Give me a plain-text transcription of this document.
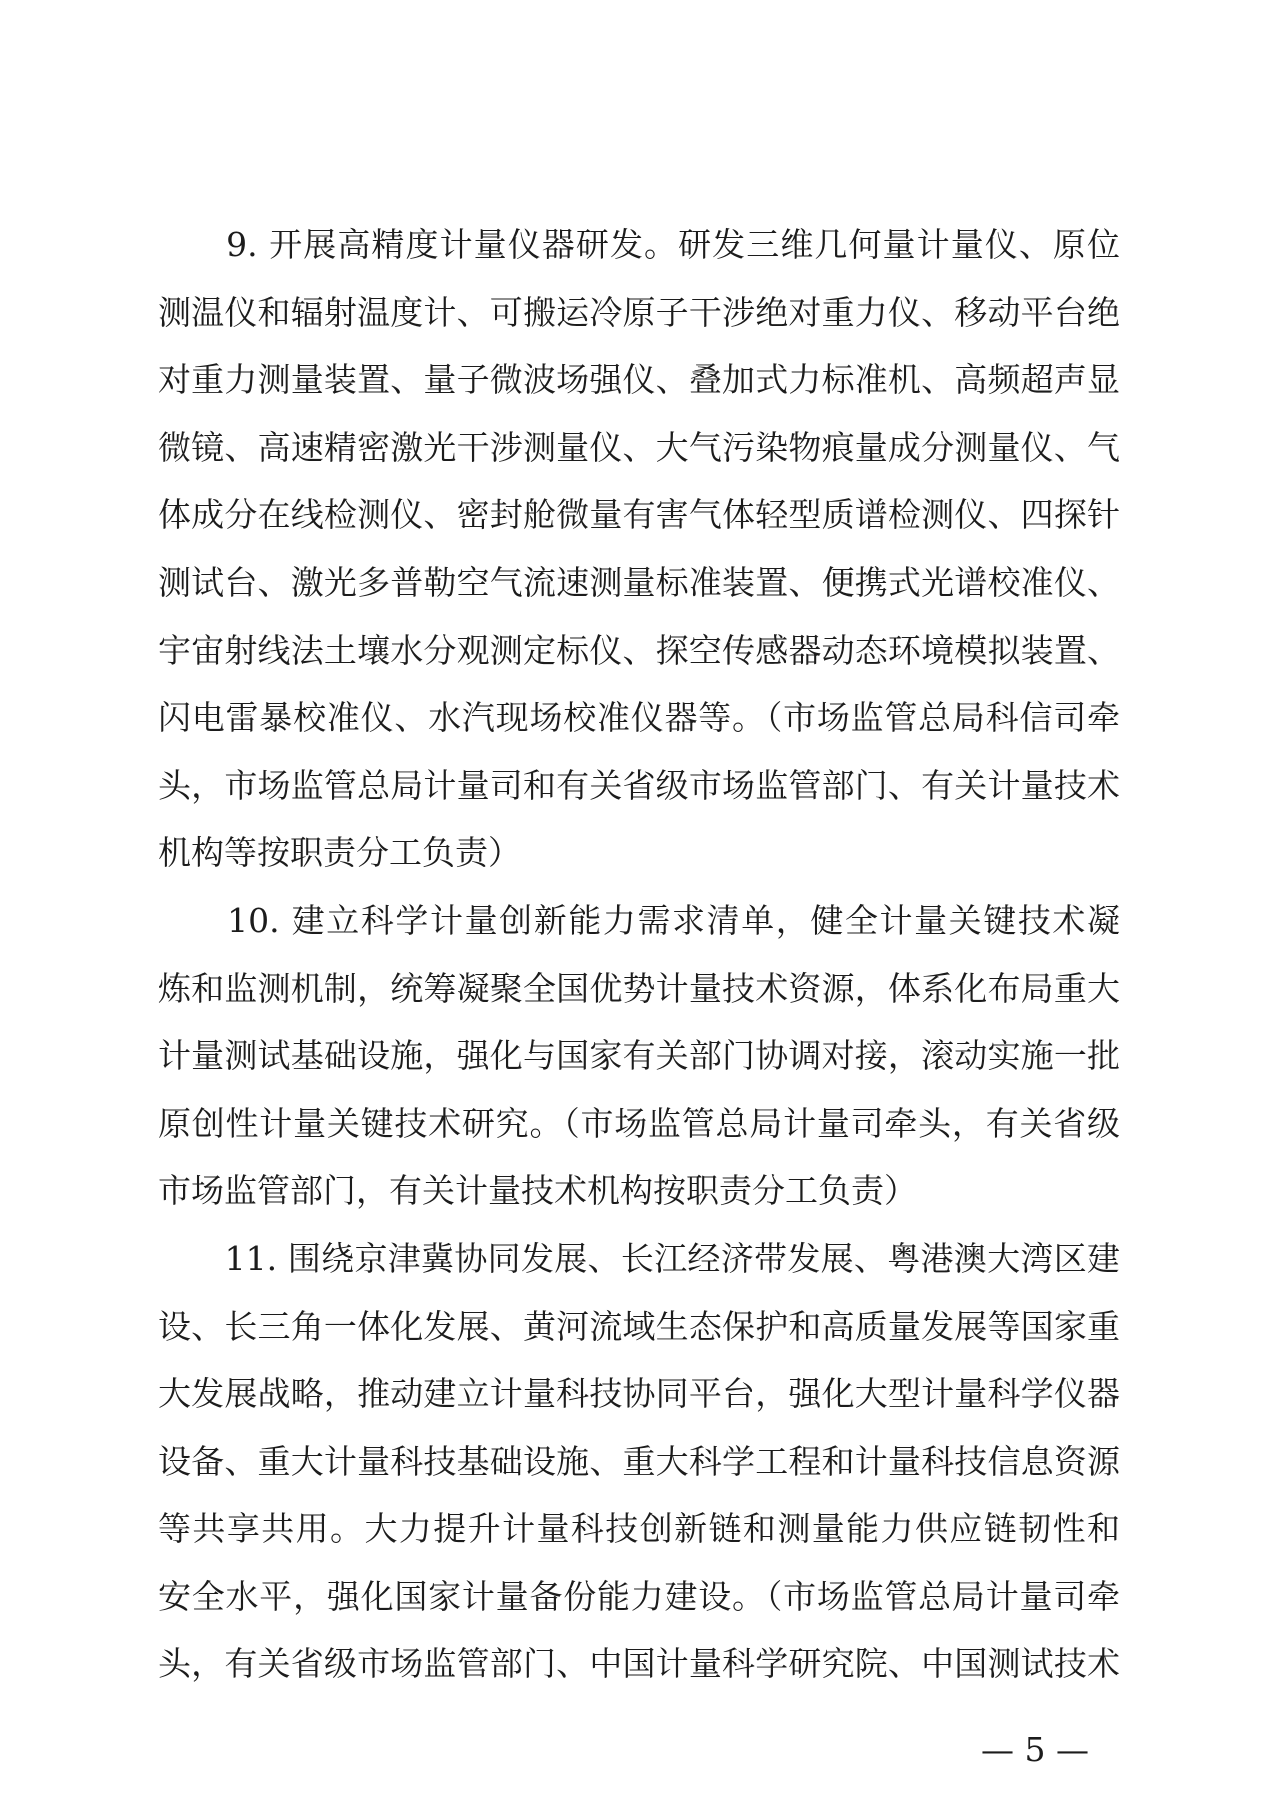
　　9. 开展高精度计量仪器研发。研发三维几何量计量仪、原位
测温仪和辐射温度计、可搬运冷原子干涉绝对重力仪、移动平台绝
对重力测量装置、量子微波场强仪、叠加式力标准机、高频超声显
微镜、高速精密激光干涉测量仪、大气污染物痕量成分测量仪、气
体成分在线检测仪、密封舱微量有害气体轻型质谱检测仪、四探针
测试台、激光多普勒空气流速测量标准装置、便携式光谱校准仪、
宇宙射线法土壤水分观测定标仪、探空传感器动态环境模拟装置、
闪电雷暴校准仪、水汽现场校准仪器等。（市场监管总局科信司牵
头，市场监管总局计量司和有关省级市场监管部门、有关计量技术
机构等按职责分工负责）
　　10. 建立科学计量创新能力需求清单，健全计量关键技术凝
炼和监测机制，统筹凝聚全国优势计量技术资源，体系化布局重大
计量测试基础设施，强化与国家有关部门协调对接，滚动实施一批
原创性计量关键技术研究。（市场监管总局计量司牵头，有关省级
市场监管部门，有关计量技术机构按职责分工负责）
　　11. 围绕京津冀协同发展、长江经济带发展、粤港澳大湾区建
设、长三角一体化发展、黄河流域生态保护和高质量发展等国家重
大发展战略，推动建立计量科技协同平台，强化大型计量科学仪器
设备、重大计量科技基础设施、重大科学工程和计量科技信息资源
等共享共用。大力提升计量科技创新链和测量能力供应链韧性和
安全水平，强化国家计量备份能力建设。（市场监管总局计量司牵
头，有关省级市场监管部门、中国计量科学研究院、中国测试技术
— 5 —
